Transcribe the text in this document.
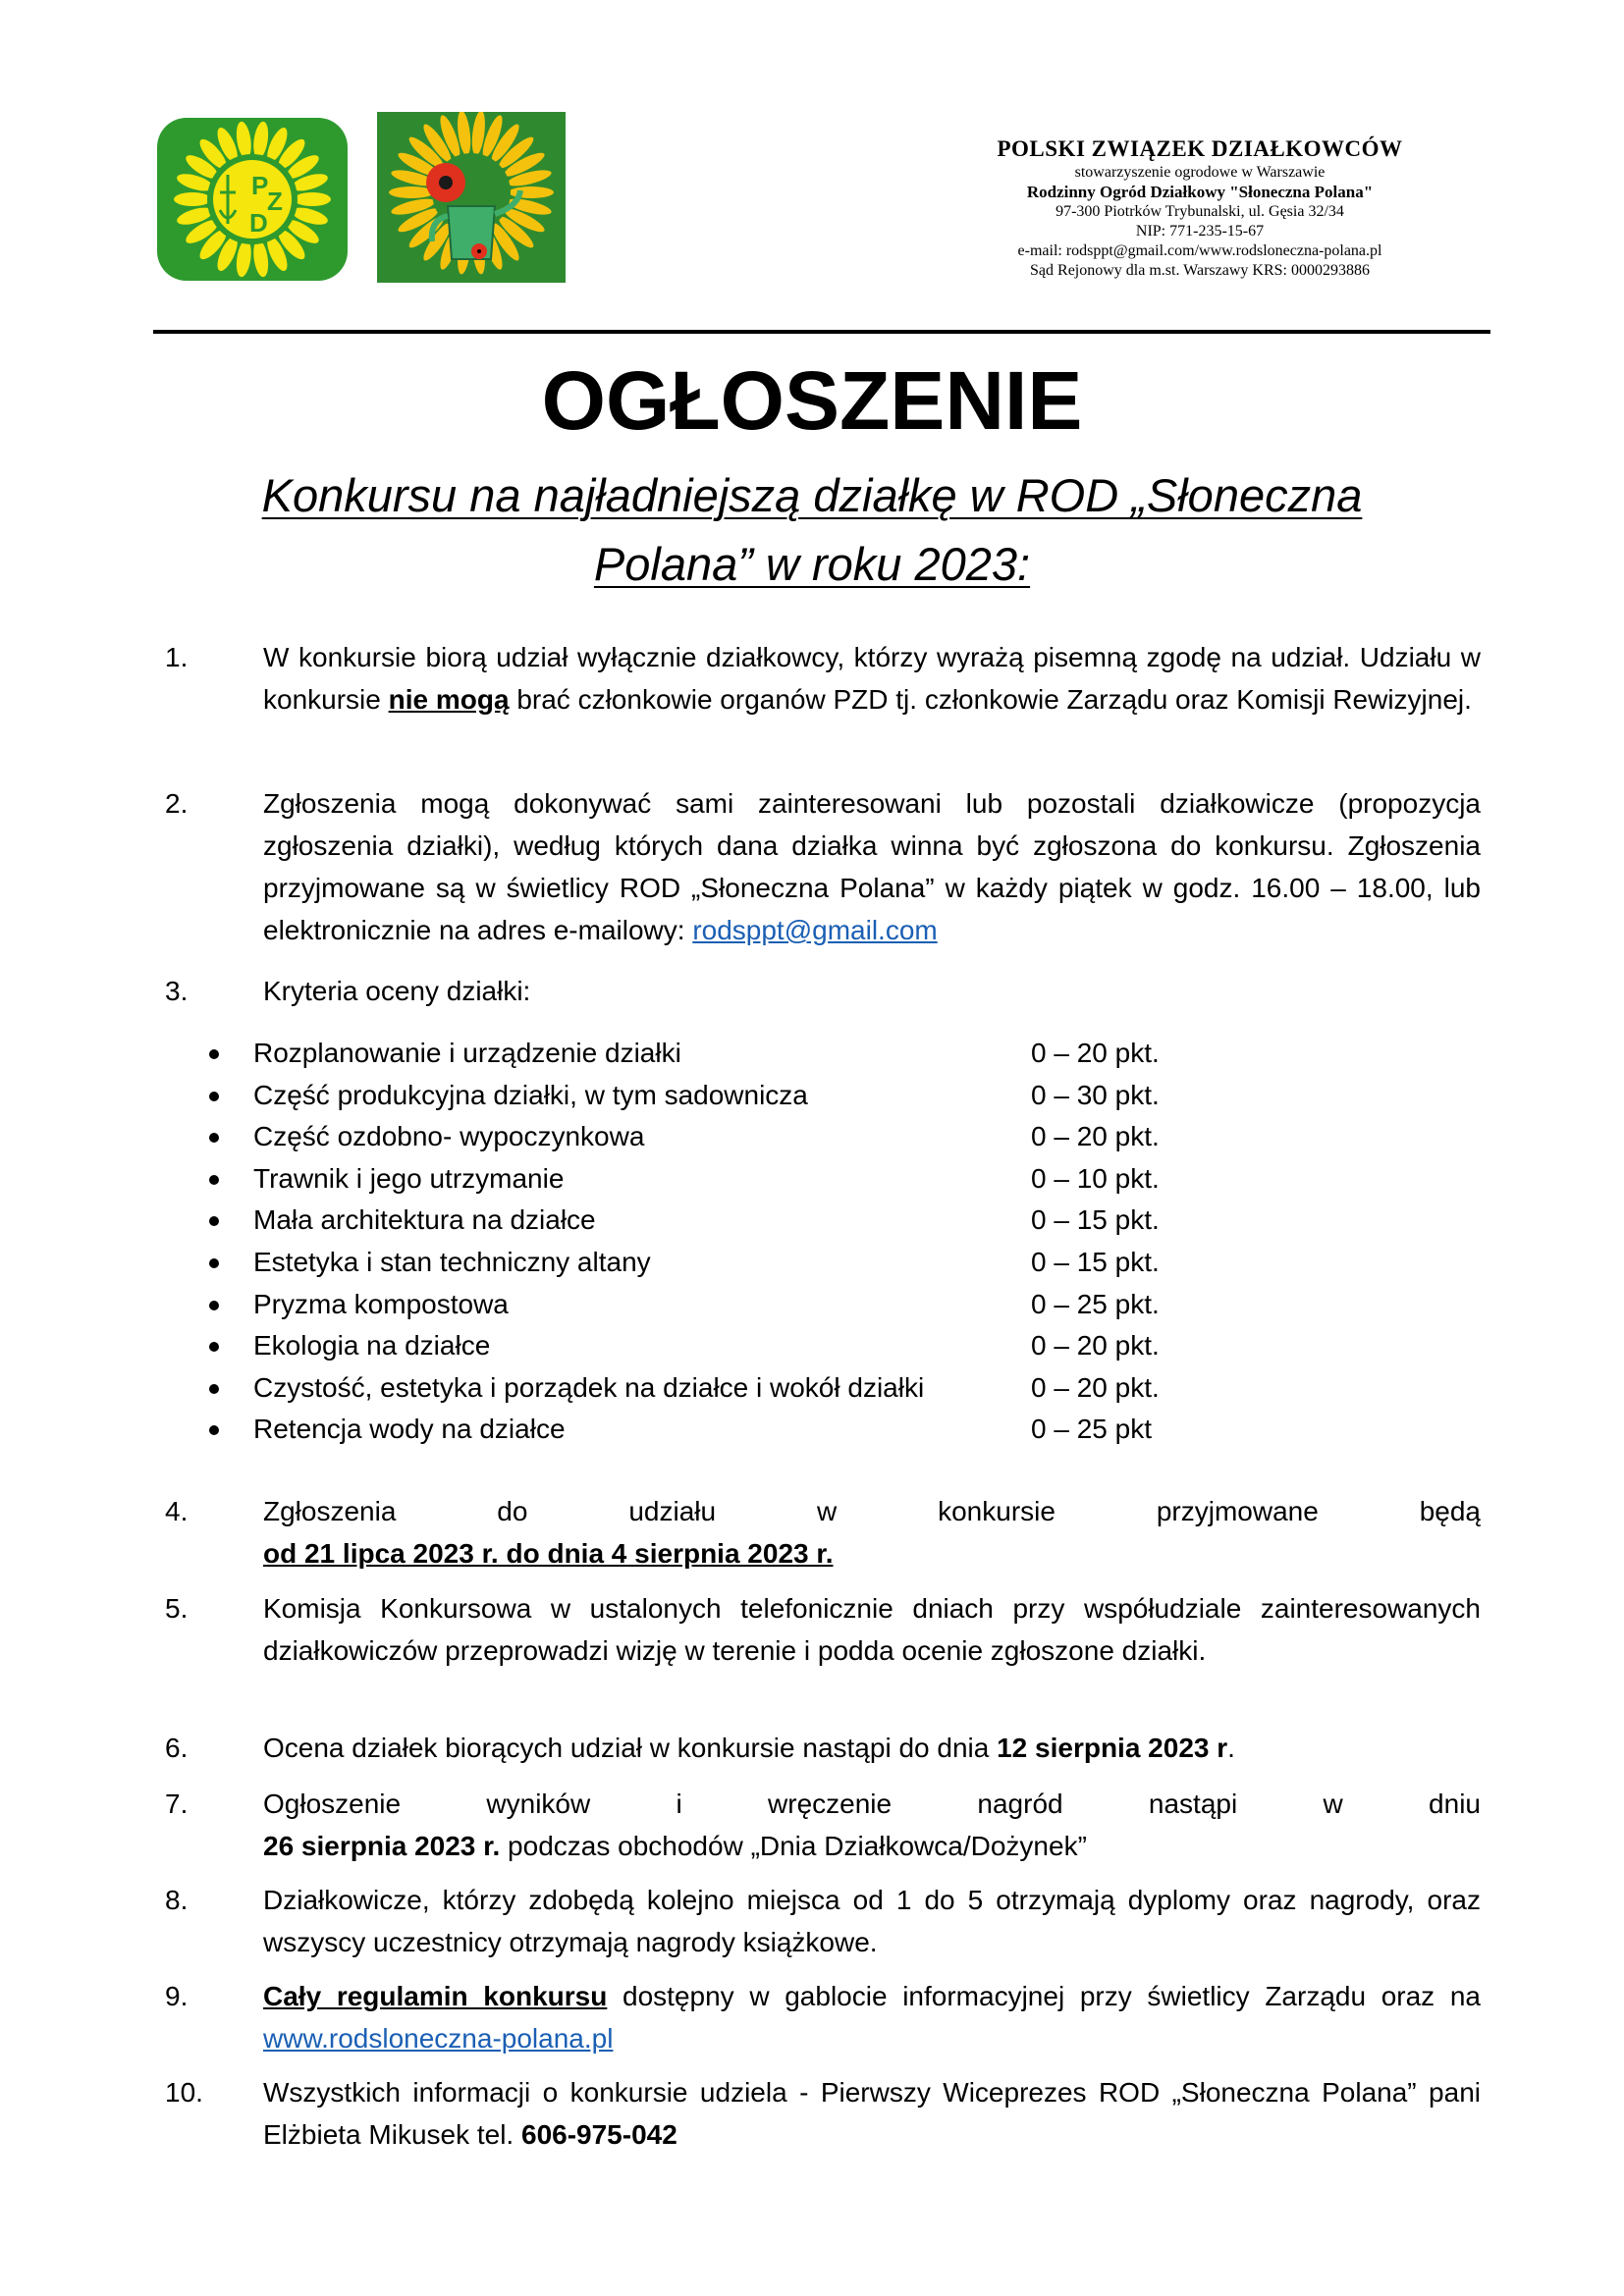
P
Z
D
POLSKI ZWIĄZEK DZIAŁKOWCÓW
stowarzyszenie ogrodowe w Warszawie
Rodzinny Ogród Działkowy "Słoneczna Polana"
97-300 Piotrków Trybunalski, ul. Gęsia 32/34
NIP: 771-235-15-67
e-mail: rodsppt@gmail.com/www.rodsloneczna-polana.pl
Sąd Rejonowy dla m.st. Warszawy KRS: 0000293886
OGŁOSZENIE
Konkursu na najładniejszą działkę w ROD „Słoneczna
Polana” w roku 2023:
1.	W konkursie biorą udział wyłącznie działkowcy, którzy wyrażą pisemną zgodę na udział. Udziału w konkursie nie mogą brać członkowie organów PZD tj. członkowie Zarządu oraz Komisji Rewizyjnej.
2.	Zgłoszenia mogą dokonywać sami zainteresowani lub pozostali działkowicze (propozycja zgłoszenia działki), według których dana działka winna być zgłoszona do konkursu. Zgłoszenia przyjmowane są w świetlicy ROD „Słoneczna Polana” w każdy piątek w godz. 16.00 – 18.00, lub elektronicznie na adres e-mailowy: rodsppt@gmail.com
3.	Kryteria oceny działki:
Rozplanowanie i urządzenie działki	0 – 20 pkt.
Część produkcyjna działki, w tym sadownicza	0 – 30 pkt.
Część ozdobno- wypoczynkowa	0 – 20 pkt.
Trawnik i jego utrzymanie	0 – 10 pkt.
Mała architektura na działce	0 – 15 pkt.
Estetyka i stan techniczny altany	0 – 15 pkt.
Pryzma kompostowa	0 – 25 pkt.
Ekologia na działce	0 – 20 pkt.
Czystość, estetyka i porządek na działce i wokół działki	0 – 20 pkt.
Retencja wody na działce	0 – 25 pkt
4.	Zgłoszenia do udziału w konkursie przyjmowane będą
od 21 lipca 2023 r. do dnia 4 sierpnia 2023 r.
5.	Komisja Konkursowa w ustalonych telefonicznie dniach przy współudziale zainteresowanych działkowiczów przeprowadzi wizję w terenie i podda ocenie zgłoszone działki.
6.	Ocena działek biorących udział w konkursie nastąpi do dnia 12 sierpnia 2023 r.
7.	Ogłoszenie wyników i wręczenie nagród nastąpi w dniu
26 sierpnia 2023 r. podczas obchodów „Dnia Działkowca/Dożynek”
8.	Działkowicze, którzy zdobędą kolejno miejsca od 1 do 5 otrzymają dyplomy oraz nagrody, oraz wszyscy uczestnicy otrzymają nagrody książkowe.
9.	Cały regulamin konkursu dostępny w gablocie informacyjnej przy świetlicy Zarządu oraz na www.rodsloneczna-polana.pl
10.	Wszystkich informacji o konkursie udziela - Pierwszy Wiceprezes ROD „Słoneczna Polana” pani Elżbieta Mikusek tel. 606-975-042
